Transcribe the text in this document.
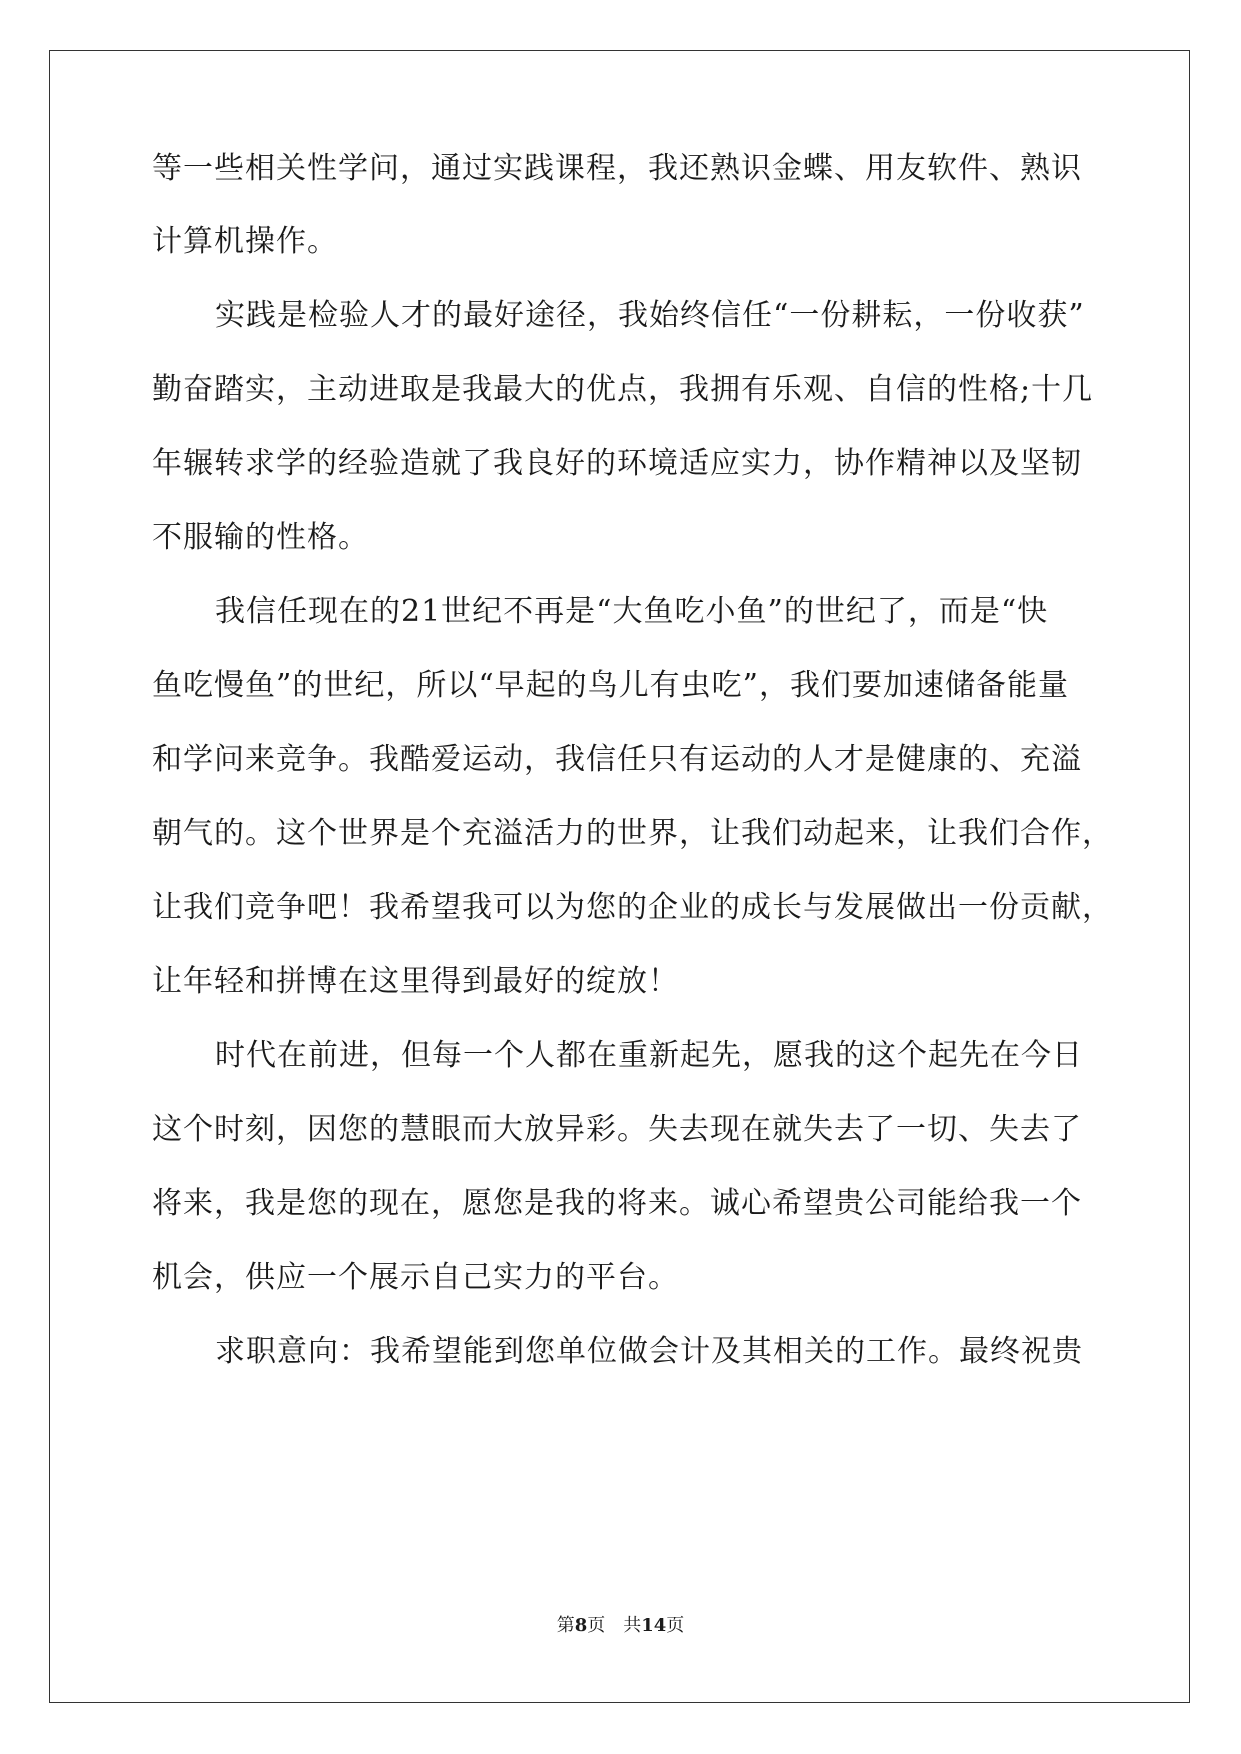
等一些相关性学问，通过实践课程，我还熟识金蝶、用友软件、熟识
计算机操作。
实践是检验人才的最好途径，我始终信任“一份耕耘，一份收获”
勤奋踏实，主动进取是我最大的优点，我拥有乐观、自信的性格;十几
年辗转求学的经验造就了我良好的环境适应实力，协作精神以及坚韧
不服输的性格。
我信任现在的21世纪不再是“大鱼吃小鱼”的世纪了，而是“快
鱼吃慢鱼”的世纪，所以“早起的鸟儿有虫吃”，我们要加速储备能量
和学问来竞争。我酷爱运动，我信任只有运动的人才是健康的、充溢
朝气的。这个世界是个充溢活力的世界，让我们动起来，让我们合作，
让我们竞争吧！我希望我可以为您的企业的成长与发展做出一份贡献，
让年轻和拼博在这里得到最好的绽放！
时代在前进，但每一个人都在重新起先，愿我的这个起先在今日
这个时刻，因您的慧眼而大放异彩。失去现在就失去了一切、失去了
将来，我是您的现在，愿您是我的将来。诚心希望贵公司能给我一个
机会，供应一个展示自己实力的平台。
求职意向：我希望能到您单位做会计及其相关的工作。最终祝贵
第8页 共14页
